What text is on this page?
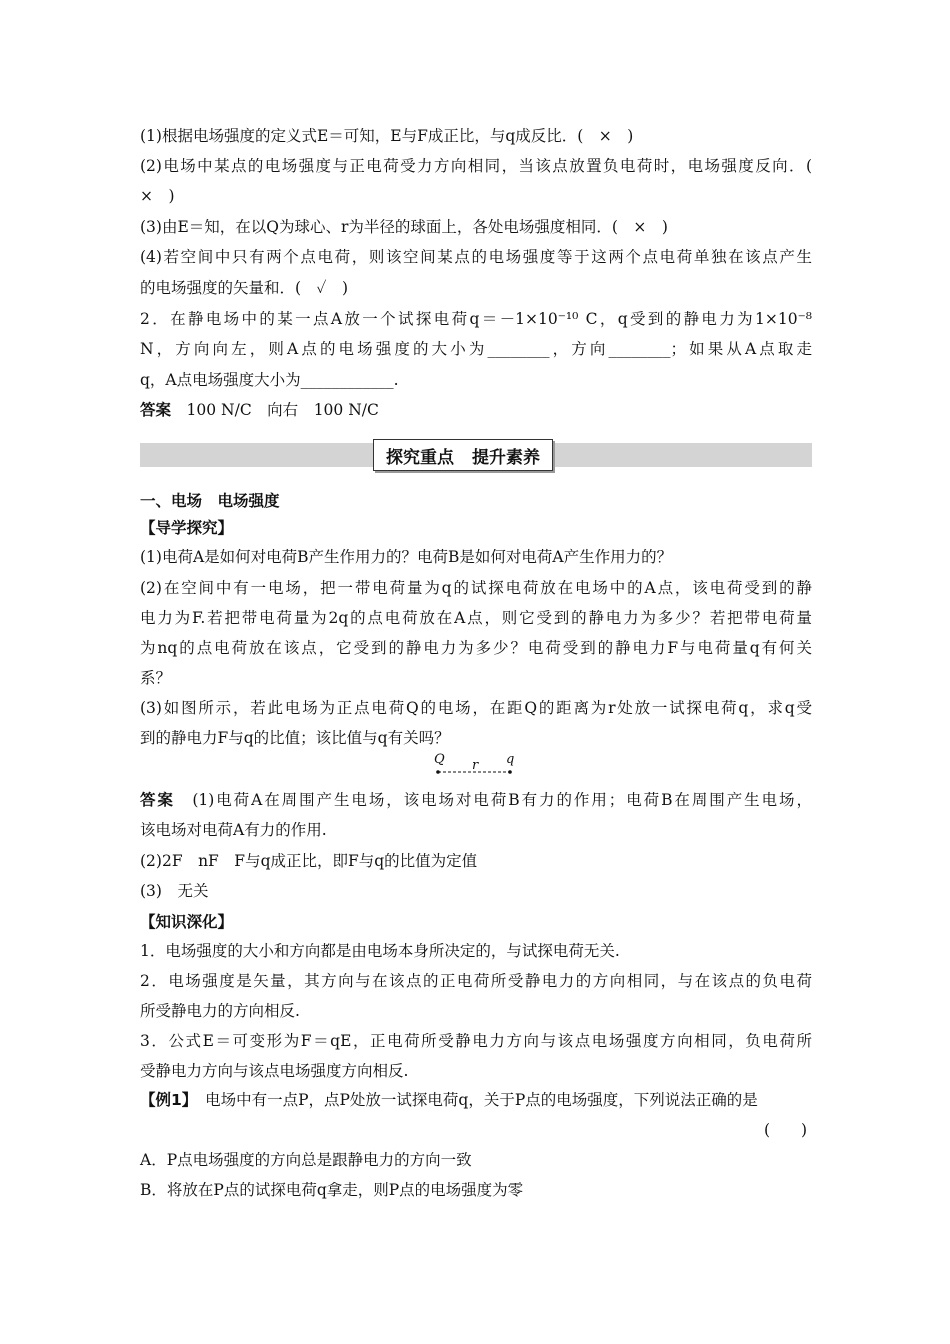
(1)根据电场强度的定义式E＝可知，E与F成正比，与q成反比．(　×　)
(2)电场中某点的电场强度与正电荷受力方向相同，当该点放置负电荷时，电场强度反向．(
×　)
(3)由E＝知，在以Q为球心、r为半径的球面上，各处电场强度相同．(　×　)
(4)若空间中只有两个点电荷，则该空间某点的电场强度等于这两个点电荷单独在该点产生
的电场强度的矢量和．(　✓　)
2．在静电场中的某一点A放一个试探电荷q＝－1×10⁻¹⁰ C，q受到的静电力为1×10⁻⁸
N，方向向左，则A点的电场强度的大小为________，方向________；如果从A点取走
q，A点电场强度大小为____________.
答案　 100 N/C　向右　100 N/C
探究重点 提升素养
一、电场　电场强度
【导学探究】
(1)电荷A是如何对电荷B产生作用力的？电荷B是如何对电荷A产生作用力的？
(2)在空间中有一电场，把一带电荷量为q的试探电荷放在电场中的A点，该电荷受到的静
电力为F.若把带电荷量为2q的点电荷放在A点，则它受到的静电力为多少？若把带电荷量
为nq的点电荷放在该点，它受到的静电力为多少？电荷受到的静电力F与电荷量q有何关
系？
(3)如图所示，若此电场为正点电荷Q的电场，在距Q的距离为r处放一试探电荷q，求q受
到的静电力F与q的比值；该比值与q有关吗？
Q r q
答案　 (1)电荷A在周围产生电场，该电场对电荷B有力的作用；电荷B在周围产生电场，
该电场对电荷A有力的作用.
(2)2F　nF　F与q成正比，即F与q的比值为定值
(3)　无关
【知识深化】
1．电场强度的大小和方向都是由电场本身所决定的，与试探电荷无关.
2．电场强度是矢量，其方向与在该点的正电荷所受静电力的方向相同，与在该点的负电荷
所受静电力的方向相反.
3．公式E＝可变形为F＝qE，正电荷所受静电力方向与该点电场强度方向相同，负电荷所
受静电力方向与该点电场强度方向相反.
【例1】　 电场中有一点P，点P处放一试探电荷q，关于P点的电场强度，下列说法正确的是
(　　)
A．P点电场强度的方向总是跟静电力的方向一致
B．将放在P点的试探电荷q拿走，则P点的电场强度为零
